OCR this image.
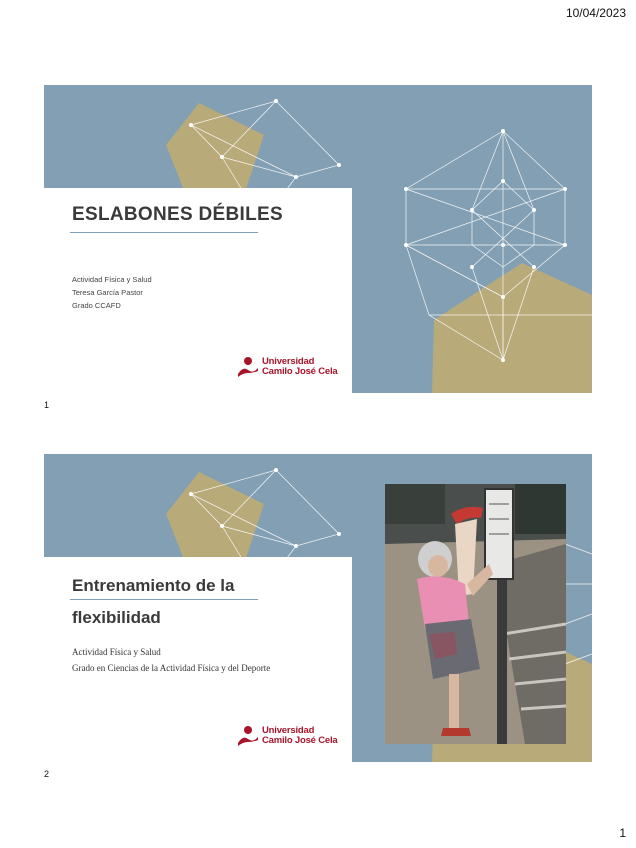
10/04/2023
ESLABONES DÉBILES
Actividad Física y Salud
Teresa García Pastor
Grado CCAFD
Universidad
Camilo José Cela
1
Entrenamiento de la
flexibilidad
Actividad Física y Salud
Grado en Ciencias de la Actividad Física y del Deporte
Universidad
Camilo José Cela
2
1
